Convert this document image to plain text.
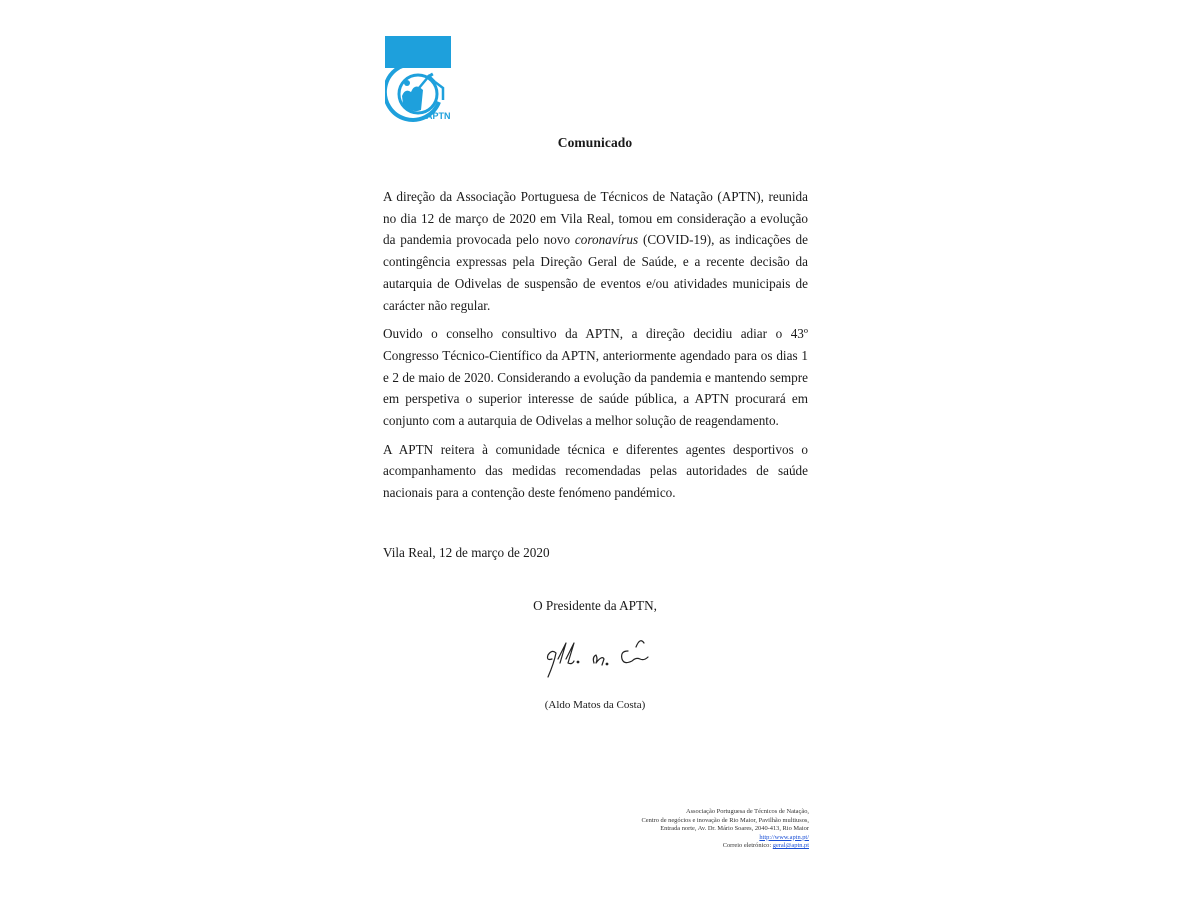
APTN
Comunicado

A direção da Associação Portuguesa de Técnicos de Natação (APTN), reunida no dia 12 de março de 2020 em Vila Real, tomou em consideração a evolução da pandemia provocada pelo novo coronavírus (COVID-19), as indicações de contingência expressas pela Direção Geral de Saúde, e a recente decisão da autarquia de Odivelas de suspensão de eventos e/ou atividades municipais de carácter não regular.

Ouvido o conselho consultivo da APTN, a direção decidiu adiar o 43º Congresso Técnico-Científico da APTN, anteriormente agendado para os dias 1 e 2 de maio de 2020. Considerando a evolução da pandemia e mantendo sempre em perspetiva o superior interesse de saúde pública, a APTN procurará em conjunto com a autarquia de Odivelas a melhor solução de reagendamento.

A APTN reitera à comunidade técnica e diferentes agentes desportivos o acompanhamento das medidas recomendadas pelas autoridades de saúde nacionais para a contenção deste fenómeno pandémico.

Vila Real, 12 de março de 2020
O Presidente da APTN,
(Aldo Matos da Costa)
Associação Portuguesa de Técnicos de Natação,
Centro de negócios e inovação de Rio Maior, Pavilhão multiusos,
Entrada norte, Av. Dr. Mário Soares, 2040-413, Rio Maior
http://www.aptn.pt/
Correio eletrónico: geral@aptn.pt
